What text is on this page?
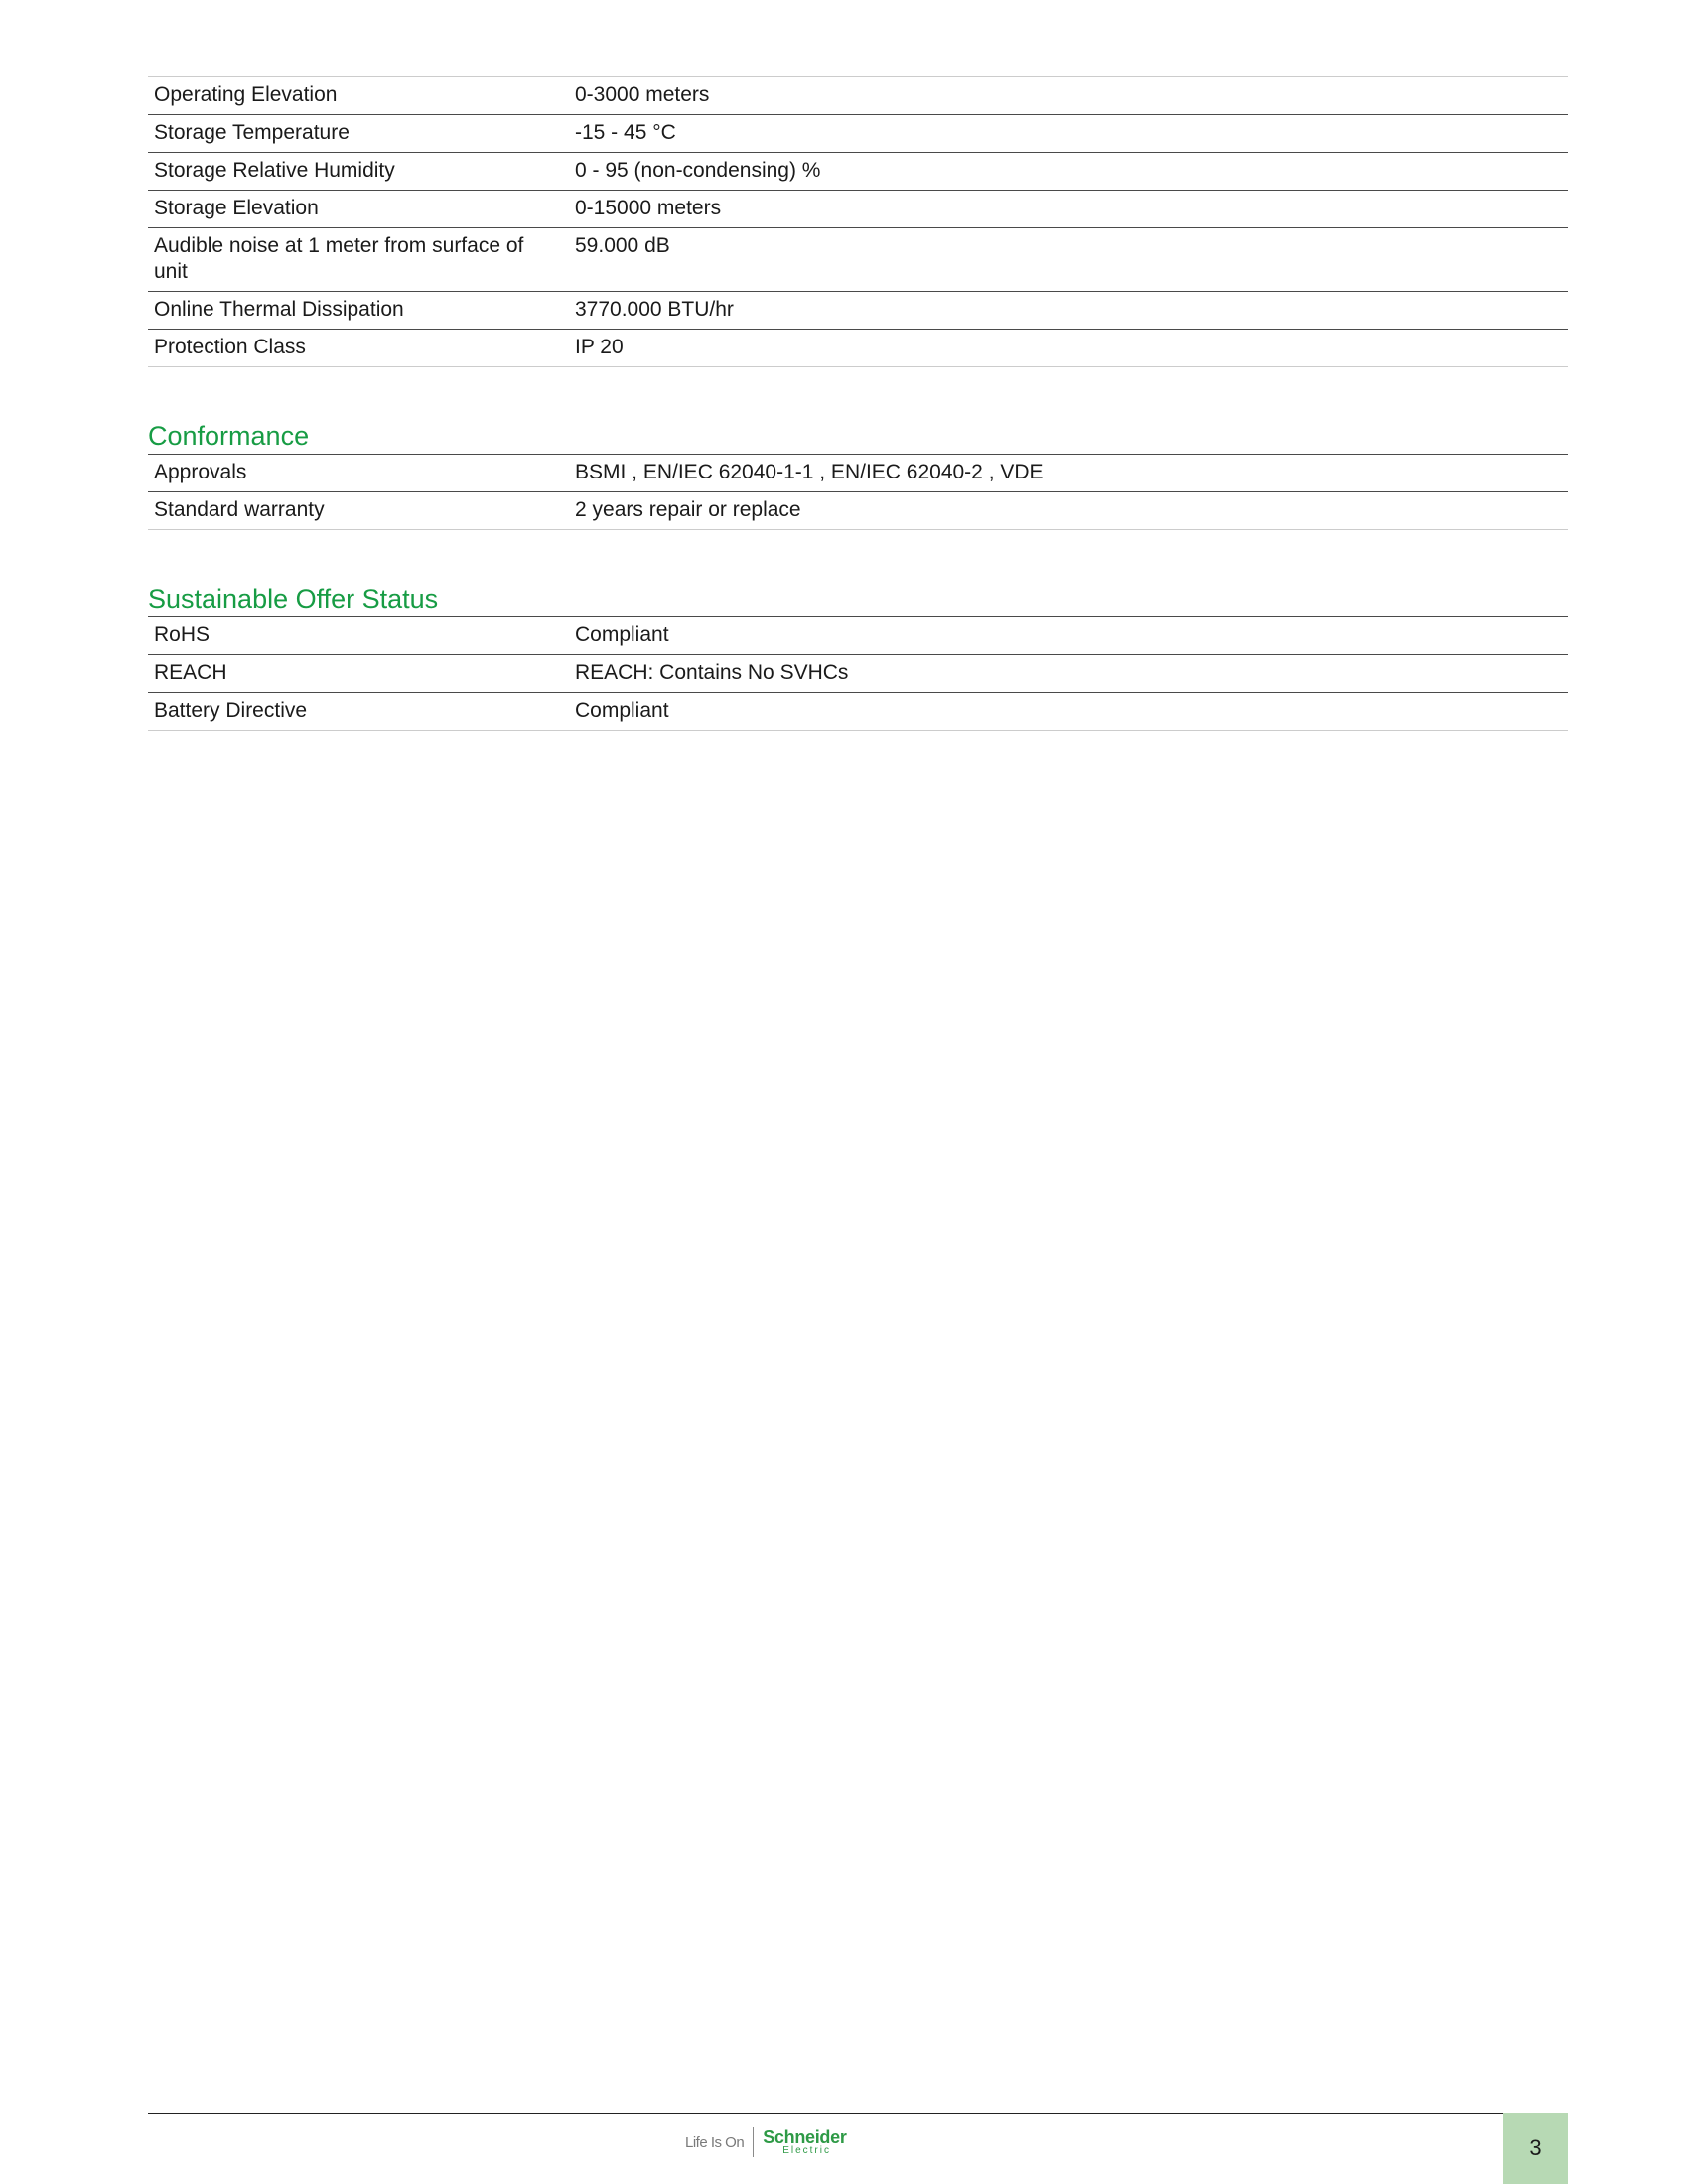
Operating Elevation	0-3000 meters
Storage Temperature	-15 - 45 °C
Storage Relative Humidity	0 - 95 (non-condensing) %
Storage Elevation	0-15000 meters
Audible noise at 1 meter from surface of unit	59.000 dB
Online Thermal Dissipation	3770.000 BTU/hr
Protection Class	IP 20
Conformance
Approvals	BSMI , EN/IEC 62040-1-1 , EN/IEC 62040-2 , VDE
Standard warranty	2 years repair or replace
Sustainable Offer Status
RoHS	Compliant
REACH	REACH: Contains No SVHCs
Battery Directive	Compliant
Life Is On Schneider
Electric	3
